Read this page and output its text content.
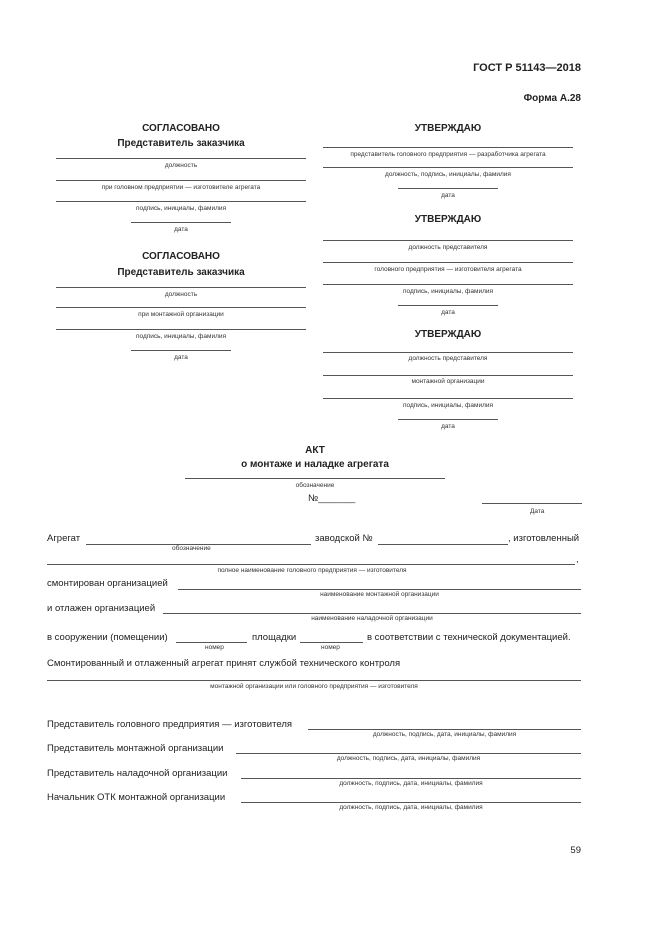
ГОСТ Р 51143—2018
Форма А.28
СОГЛАСОВАНО
Представитель заказчика
должность
при головном предприятии — изготовителе агрегата
подпись, инициалы, фамилия
дата
СОГЛАСОВАНО
Представитель заказчика
должность
при монтажной организации
подпись, инициалы, фамилия
дата
УТВЕРЖДАЮ
представитель головного предприятия — разработчика агрегата
должность, подпись, инициалы, фамилия
дата
УТВЕРЖДАЮ
должность представителя
головного предприятия — изготовителя агрегата
подпись, инициалы, фамилия
дата
УТВЕРЖДАЮ
должность представителя
монтажной организации
подпись, инициалы, фамилия
дата
АКТ
о монтаже и наладке агрегата
обозначение
№_______
Дата
Агрегат	заводской №	, изготовленный
обозначение
,
полное наименование головного предприятия — изготовителя
смонтирован организацией
наименование монтажной организации
и отлажен организацией
наименование наладочной организации
в сооружении (помещении)	площадки	в соответствии с технической документацией.
номер	номер
Смонтированный и отлаженный агрегат принят службой технического контроля
монтажной организации или головного предприятия — изготовителя
Представитель головного предприятия — изготовителя
должность, подпись, дата, инициалы, фамилия
Представитель монтажной организации
должность, подпись, дата, инициалы, фамилия
Представитель наладочной организации
должность, подпись, дата, инициалы, фамилия
Начальник ОТК монтажной организации
должность, подпись, дата, инициалы, фамилия
59
